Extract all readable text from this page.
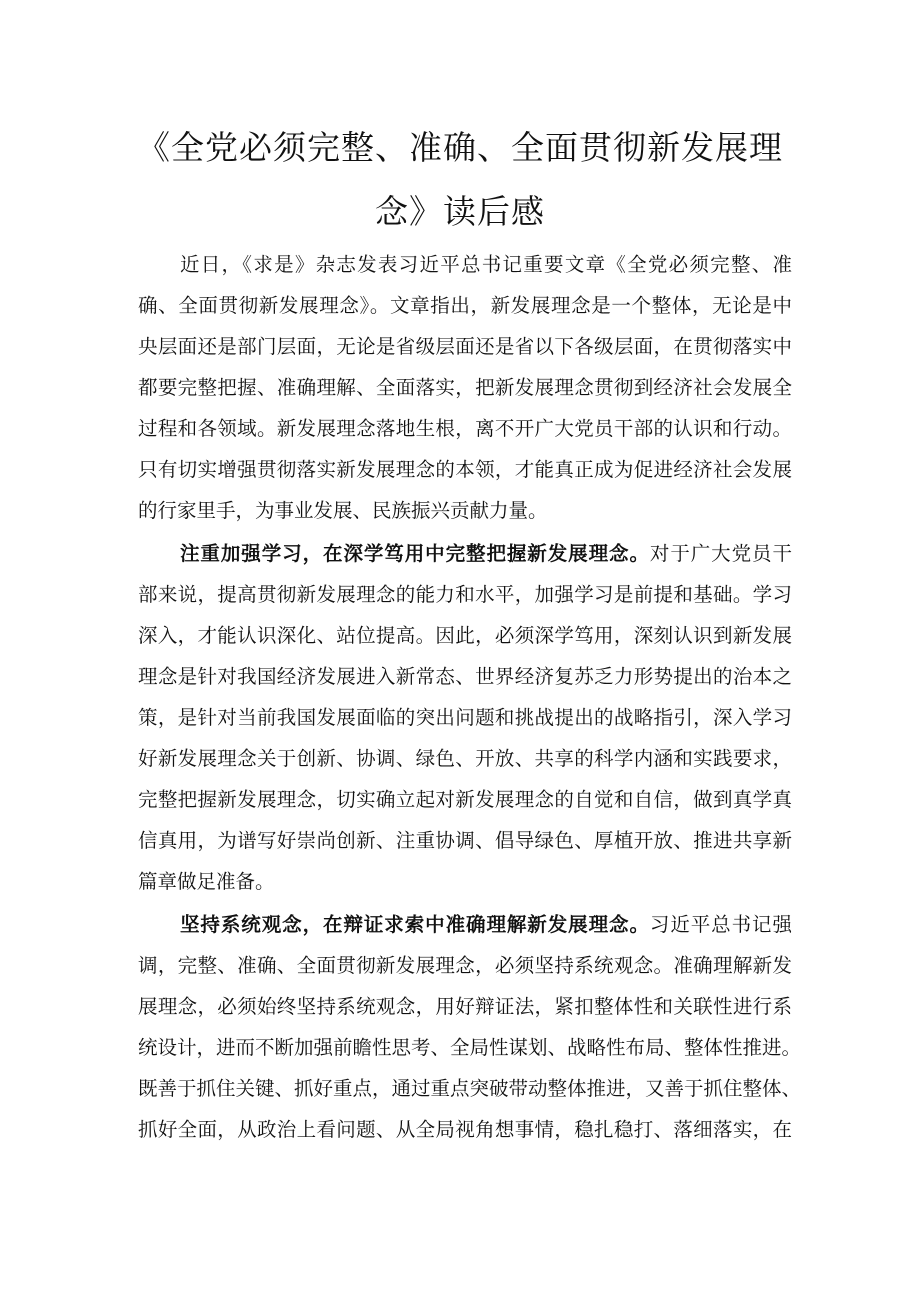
《全党必须完整、准确、全面贯彻新发展理
念》读后感
近日，《求是》杂志发表习近平总书记重要文章《全党必须完整、准
确、全面贯彻新发展理念》。文章指出，新发展理念是一个整体，无论是中
央层面还是部门层面，无论是省级层面还是省以下各级层面，在贯彻落实中
都要完整把握、准确理解、全面落实，把新发展理念贯彻到经济社会发展全
过程和各领域。新发展理念落地生根，离不开广大党员干部的认识和行动。
只有切实增强贯彻落实新发展理念的本领，才能真正成为促进经济社会发展
的行家里手，为事业发展、民族振兴贡献力量。
注重加强学习，在深学笃用中完整把握新发展理念。对于广大党员干
部来说，提高贯彻新发展理念的能力和水平，加强学习是前提和基础。学习
深入，才能认识深化、站位提高。因此，必须深学笃用，深刻认识到新发展
理念是针对我国经济发展进入新常态、世界经济复苏乏力形势提出的治本之
策，是针对当前我国发展面临的突出问题和挑战提出的战略指引，深入学习
好新发展理念关于创新、协调、绿色、开放、共享的科学内涵和实践要求，
完整把握新发展理念，切实确立起对新发展理念的自觉和自信，做到真学真
信真用，为谱写好崇尚创新、注重协调、倡导绿色、厚植开放、推进共享新
篇章做足准备。
坚持系统观念，在辩证求索中准确理解新发展理念。习近平总书记强
调，完整、准确、全面贯彻新发展理念，必须坚持系统观念。准确理解新发
展理念，必须始终坚持系统观念，用好辩证法，紧扣整体性和关联性进行系
统设计，进而不断加强前瞻性思考、全局性谋划、战略性布局、整体性推进。
既善于抓住关键、抓好重点，通过重点突破带动整体推进，又善于抓住整体、
抓好全面，从政治上看问题、从全局视角想事情，稳扎稳打、落细落实，在
